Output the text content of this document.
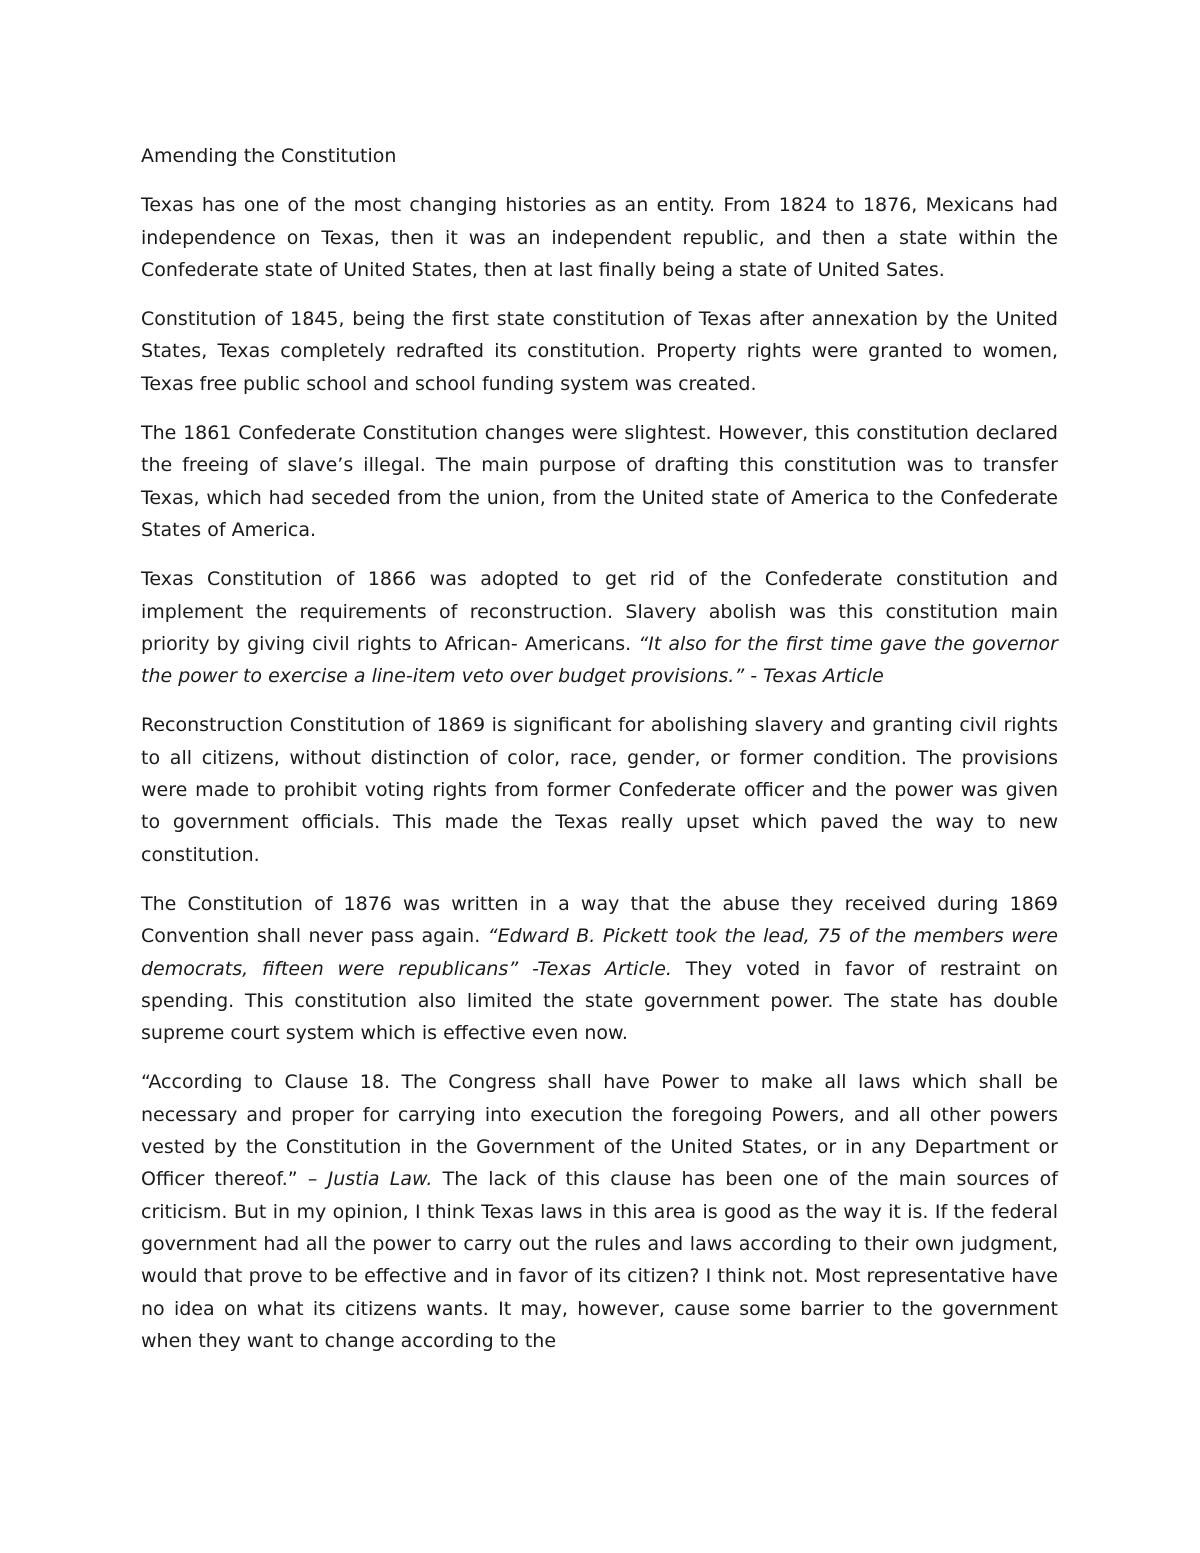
Amending the Constitution

Texas has one of the most changing histories as an entity. From 1824 to 1876, Mexicans had independence on Texas, then it was an independent republic, and then a state within the Confederate state of United States, then at last finally being a state of United Sates.

Constitution of 1845, being the first state constitution of Texas after annexation by the United States, Texas completely redrafted its constitution. Property rights were granted to women, Texas free public school and school funding system was created.

The 1861 Confederate Constitution changes were slightest. However, this constitution declared the freeing of slave’s illegal. The main purpose of drafting this constitution was to transfer Texas, which had seceded from the union, from the United state of America to the Confederate States of America.

Texas Constitution of 1866 was adopted to get rid of the Confederate constitution and implement the requirements of reconstruction. Slavery abolish was this constitution main priority by giving civil rights to African- Americans. “It also for the first time gave the governor the power to exercise a line-item veto over budget provisions.” - Texas Article

Reconstruction Constitution of 1869 is significant for abolishing slavery and granting civil rights to all citizens, without distinction of color, race, gender, or former condition. The provisions were made to prohibit voting rights from former Confederate officer and the power was given to government officials. This made the Texas really upset which paved the way to new constitution.

The Constitution of 1876 was written in a way that the abuse they received during 1869 Convention shall never pass again. “Edward B. Pickett took the lead, 75 of the members were democrats, fifteen were republicans” -Texas Article. They voted in favor of restraint on spending. This constitution also limited the state government power. The state has double supreme court system which is effective even now.

“According to Clause 18. The Congress shall have Power to make all laws which shall be necessary and proper for carrying into execution the foregoing Powers, and all other powers vested by the Constitution in the Government of the United States, or in any Department or Officer thereof.” – Justia Law. The lack of this clause has been one of the main sources of criticism. But in my opinion, I think Texas laws in this area is good as the way it is. If the federal government had all the power to carry out the rules and laws according to their own judgment, would that prove to be effective and in favor of its citizen? I think not. Most representative have no idea on what its citizens wants. It may, however, cause some barrier to the government when they want to change according to the
